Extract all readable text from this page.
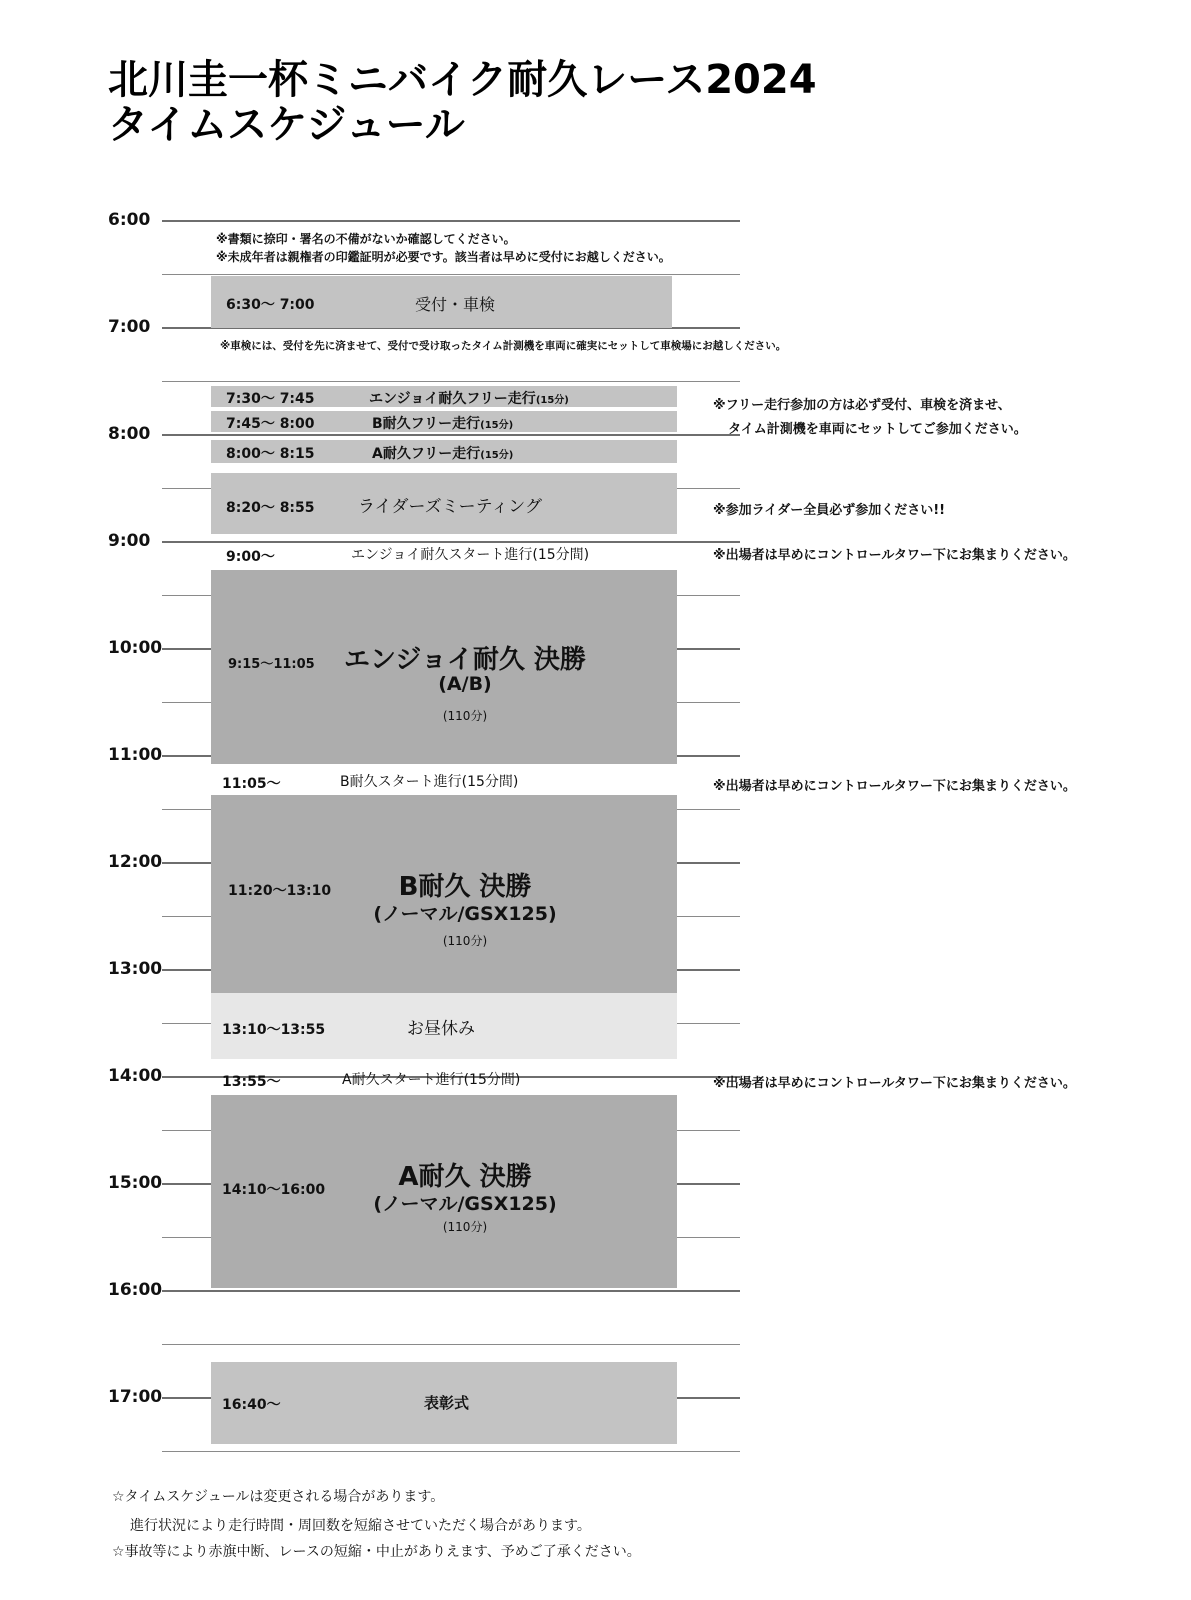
北川圭一杯ミニバイク耐久レース2024
タイムスケジュール
6:00
7:00
8:00
9:00
10:00
11:00
12:00
13:00
14:00
15:00
16:00
17:00
※書類に捺印・署名の不備がないか確認してください。
※未成年者は親権者の印鑑証明が必要です。該当者は早めに受付にお越しください。
6:30～ 7:00	受付・車検
※車検には、受付を先に済ませて、受付で受け取ったタイム計測機を車両に確実にセットして車検場にお越しください。
7:30～ 7:45	エンジョイ耐久フリー走行(15分)
7:45～ 8:00	B耐久フリー走行(15分)
8:00～ 8:15	A耐久フリー走行(15分)
8:20～ 8:55	ライダーズミーティング
9:00～	エンジョイ耐久スタート進行(15分間)
9:15～11:05 エンジョイ耐久 決勝
(A/B)
(110分)
11:05～	B耐久スタート進行(15分間)
11:20～13:10	B耐久 決勝
(ノーマル/GSX125)
(110分)
13:10～13:55	お昼休み
13:55～	A耐久スタート進行(15分間)
14:10～16:00	A耐久 決勝
(ノーマル/GSX125)
(110分)
16:40～	表彰式
※フリー走行参加の方は必ず受付、車検を済ませ、
タイム計測機を車両にセットしてご参加ください。
※参加ライダー全員必ず参加ください!!
※出場者は早めにコントロールタワー下にお集まりください。
※出場者は早めにコントロールタワー下にお集まりください。
※出場者は早めにコントロールタワー下にお集まりください。
☆タイムスケジュールは変更される場合があります。
進行状況により走行時間・周回数を短縮させていただく場合があります。
☆事故等により赤旗中断、レースの短縮・中止がありえます、予めご了承ください。
